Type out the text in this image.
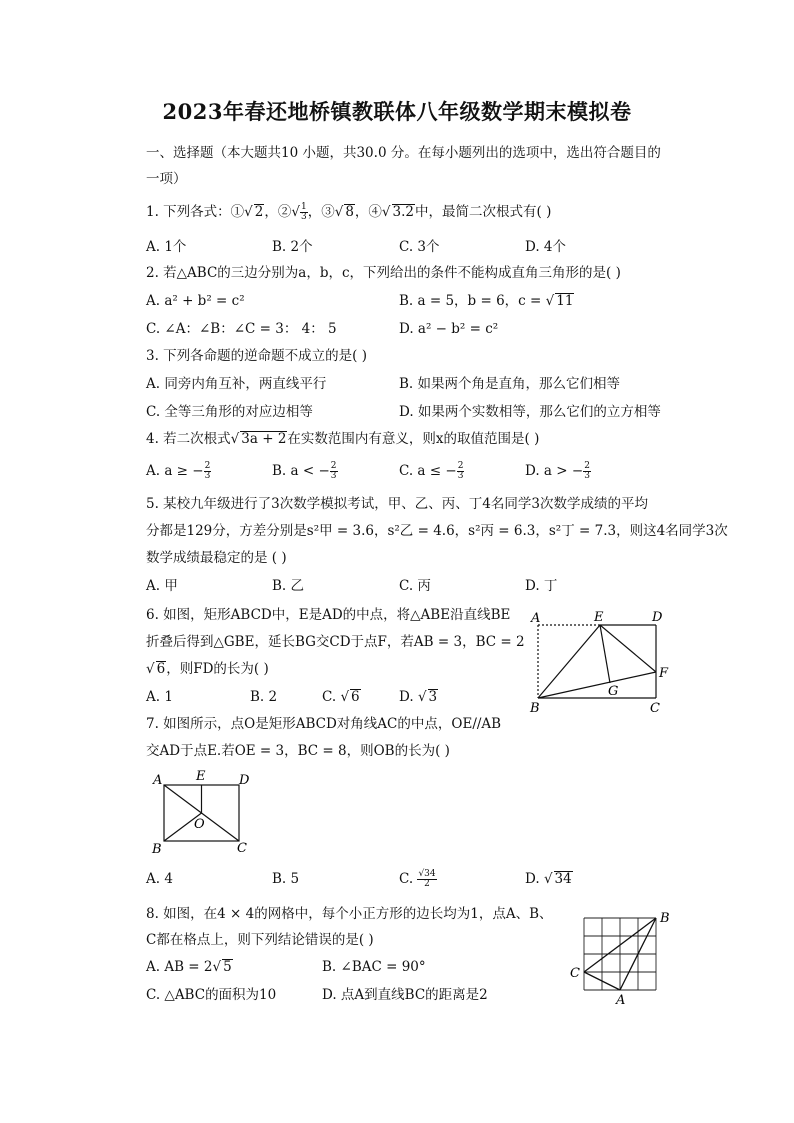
2023年春还地桥镇教联体八年级数学期末模拟卷
一、选择题（本大题共10 小题，共30.0 分。在每小题列出的选项中，选出符合题目的
一项）
1. 下列各式：①√ 2，②√ $\frac{1}{3}$ ，③√ 8，④√ 3.2中，最简二次根式有( )
A. 1个	B. 2个	C. 3个	D. 4个
2. 若△ABC的三边分别为a，b，c，下列给出的条件不能构成直角三角形的是( )
A. a² + b² = c²	B. a = 5，b = 6，c = √ 11
C. ∠A：∠B：∠C = 3： 4： 5	D. a² − b² = c²
3. 下列各命题的逆命题不成立的是( )
A. 同旁内角互补，两直线平行	B. 如果两个角是直角，那么它们相等
C. 全等三角形的对应边相等	D. 如果两个实数相等，那么它们的立方相等
4. 若二次根式√ 3a + 2在实数范围内有意义，则x的取值范围是( )
A. a ≥ − $\frac{2}{3}$	B. a < − $\frac{2}{3}$	C. a ≤ − $\frac{2}{3}$	D. a > − $\frac{2}{3}$
5. 某校九年级进行了3次数学模拟考试，甲、乙、丙、丁4名同学3次数学成绩的平均
分都是129分，方差分别是s²甲 = 3.6，s²乙 = 4.6，s²丙 = 6.3，s²丁 = 7.3，则这4名同学3次
数学成绩最稳定的是 ( )
A. 甲	B. 乙	C. 丙	D. 丁
6. 如图，矩形ABCD中，E是AD的中点，将△ABE沿直线BE
折叠后得到△GBE，延长BG交CD于点F，若AB = 3，BC = 2
√ 6，则FD的长为( )
A. 1	B. 2	C. √ 6	D. √ 3
A	E	D
F
G
B	C
7. 如图所示，点O是矩形ABCD对角线AC的中点，OE//AB
交AD于点E.若OE = 3，BC = 8，则OB的长为( )
A	E	D
O
B	C
A. 4	B. 5	C. $\frac{√34}{2}$	D. √ 34
8. 如图，在4 × 4的网格中，每个小正方形的边长均为1，点A、B、
C都在格点上，则下列结论错误的是( )
A. AB = 2√ 5	B. ∠BAC = 90°
C. △ABC的面积为10	D. 点A到直线BC的距离是2
B
C
A
